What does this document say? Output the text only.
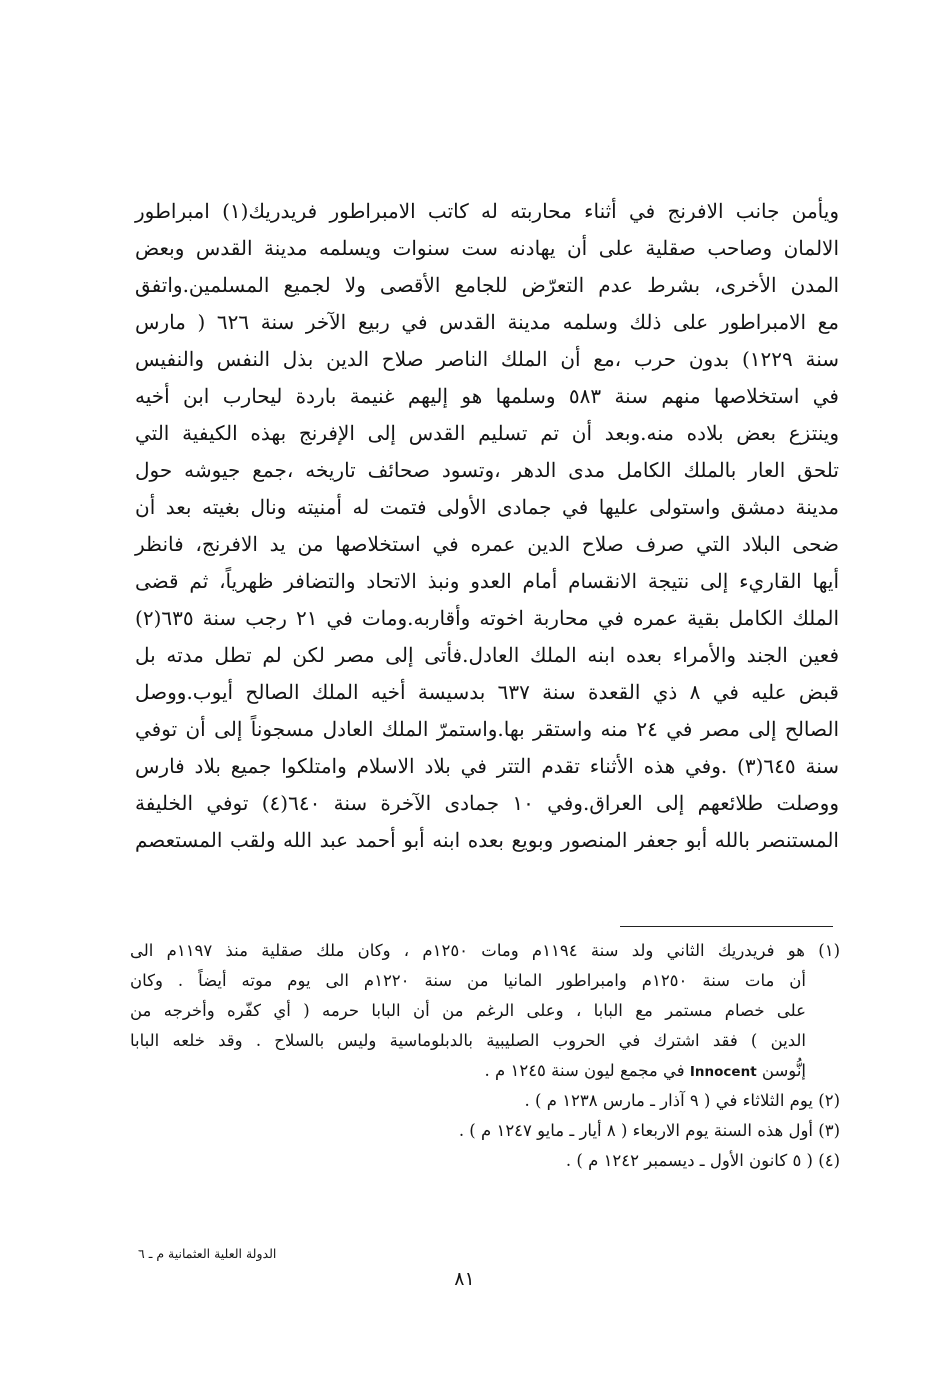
ويأمن جانب الافرنج في أثناء محاربته له كاتب الامبراطور فريدريك(١) امبراطور
الالمان وصاحب صقلية على أن يهادنه ست سنوات ويسلمه مدينة القدس وبعض
المدن الأخرى، بشرط عدم التعرّض للجامع الأقصى ولا لجميع المسلمين.واتفق
مع الامبراطور على ذلك وسلمه مدينة القدس في ربيع الآخر سنة ٦٢٦ ( مارس
سنة ١٢٢٩) بدون حرب ،مع أن الملك الناصر صلاح الدين بذل النفس والنفيس
في استخلاصها منهم سنة ٥٨٣ وسلمها هو إليهم غنيمة باردة ليحارب ابن أخيه
وينتزع بعض بلاده منه.وبعد أن تم تسليم القدس إلى الإفرنج بهذه الكيفية التي
تلحق العار بالملك الكامل مدى الدهر ،وتسود صحائف تاريخه ،جمع جيوشه حول
مدينة دمشق واستولى عليها في جمادى الأولى فتمت له أمنيته ونال بغيته بعد أن
ضحى البلاد التي صرف صلاح الدين عمره في استخلاصها من يد الافرنج، فانظر
أيها القاريء إلى نتيجة الانقسام أمام العدو ونبذ الاتحاد والتضافر ظهرياً، ثم قضى
الملك الكامل بقية عمره في محاربة اخوته وأقاربه.ومات في ٢١ رجب سنة ٦٣٥(٢)
فعين الجند والأمراء بعده ابنه الملك العادل.فأتى إلى مصر لكن لم تطل مدته بل
قبض عليه في ٨ ذي القعدة سنة ٦٣٧ بدسيسة أخيه الملك الصالح أيوب.ووصل
الصالح إلى مصر في ٢٤ منه واستقر بها.واستمرّ الملك العادل مسجوناً إلى أن توفي
سنة ٦٤٥(٣) .وفي هذه الأثناء تقدم التتر في بلاد الاسلام وامتلكوا جميع بلاد فارس
ووصلت طلائعهم إلى العراق.وفي ١٠ جمادى الآخرة سنة ٦٤٠(٤) توفي الخليفة
المستنصر بالله أبو جعفر المنصور وبويع بعده ابنه أبو أحمد عبد الله ولقب المستعصم
(١) هو فريدريك الثاني ولد سنة ١١٩٤م ومات ١٢٥٠م ، وكان ملك صقلية منذ ١١٩٧م الى
أن مات سنة ١٢٥٠م وامبراطور المانيا من سنة ١٢٢٠م الى يوم موته أيضاً . وكان
على خصام مستمر مع البابا ، وعلى الرغم من أن البابا حرمه ( أي كفّره وأخرجه من
الدين ) فقد اشترك في الحروب الصليبية بالدبلوماسية وليس بالسلاح . وقد خلعه البابا
إنُّوسن Innocent في مجمع ليون سنة ١٢٤٥ م .
(٢) يوم الثلاثاء في ( ٩ آذار ـ مارس ١٢٣٨ م ) .
(٣) أول هذه السنة يوم الاربعاء ( ٨ أيار ـ مايو ١٢٤٧ م ) .
(٤) ( ٥ كانون الأول ـ ديسمبر ١٢٤٢ م ) .
الدولة العلية العثمانية م ـ ٦
٨١
